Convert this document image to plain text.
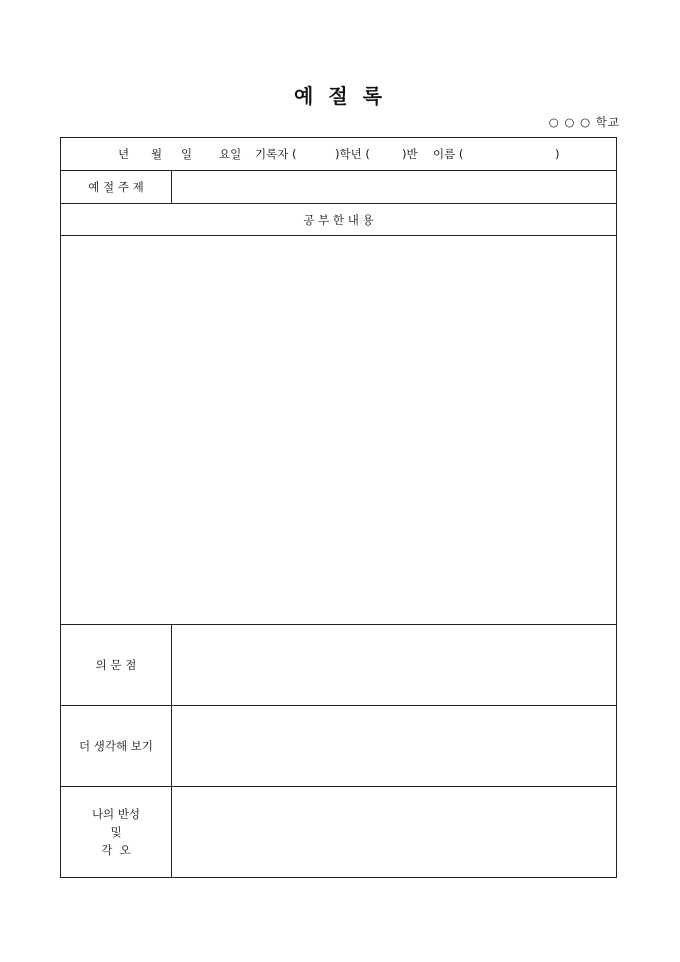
예 절 록
○ ○ ○ 학교
년 월 일 요일 기록자 (	)학년 (	)반 이름 (	)
예 절 주 제
공 부 한 내 용
의 문 점
더 생각해 보기
나의 반성
및
각  오
